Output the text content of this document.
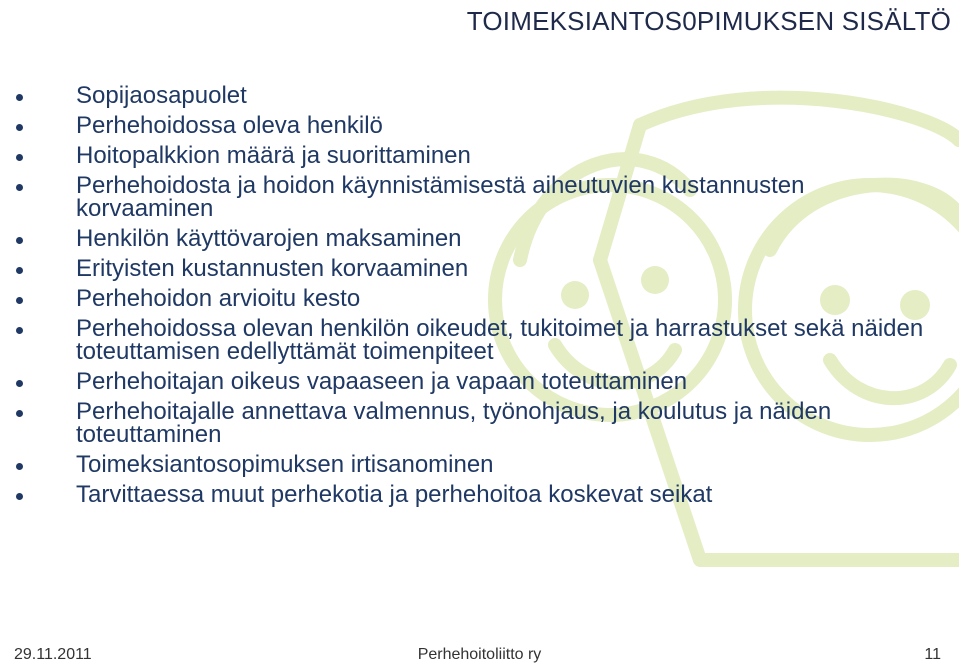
TOIMEKSIANTOS0PIMUKSEN SISÄLTÖ
Sopijaosapuolet
Perhehoidossa oleva henkilö
Hoitopalkkion määrä ja suorittaminen
Perhehoidosta ja hoidon käynnistämisestä aiheutuvien kustannusten korvaaminen
Henkilön käyttövarojen maksaminen
Erityisten kustannusten korvaaminen
Perhehoidon arvioitu kesto
Perhehoidossa olevan henkilön oikeudet, tukitoimet ja harrastukset sekä näiden toteuttamisen edellyttämät toimenpiteet
Perhehoitajan oikeus vapaaseen ja vapaan toteuttaminen
Perhehoitajalle annettava valmennus, työnohjaus, ja koulutus ja näiden toteuttaminen
Toimeksiantosopimuksen irtisanominen
Tarvittaessa muut perhekotia ja perhehoitoa koskevat seikat
Perhehoitoliitto ry
29.11.2011	11
